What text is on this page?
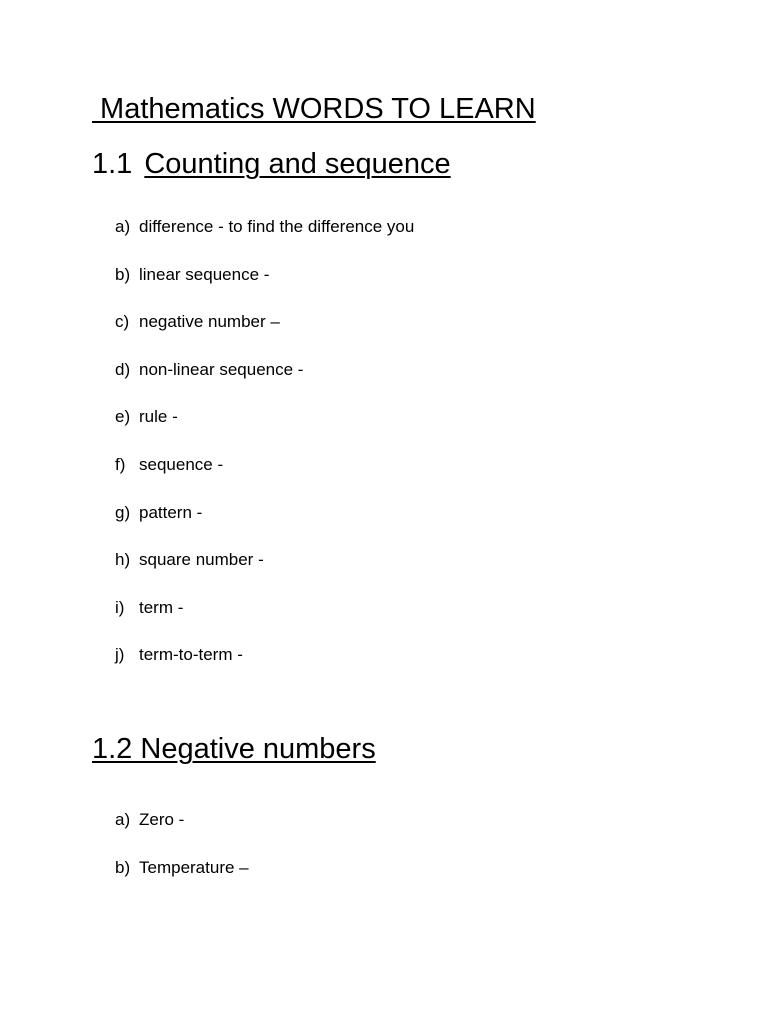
Mathematics WORDS TO LEARN
1.1 Counting and sequence
a) difference - to find the difference you
b) linear sequence -
c) negative number –
d) non-linear sequence -
e) rule -
f) sequence -
g) pattern -
h) square number -
i) term -
j) term-to-term -
1.2 Negative numbers
a) Zero -
b) Temperature –
